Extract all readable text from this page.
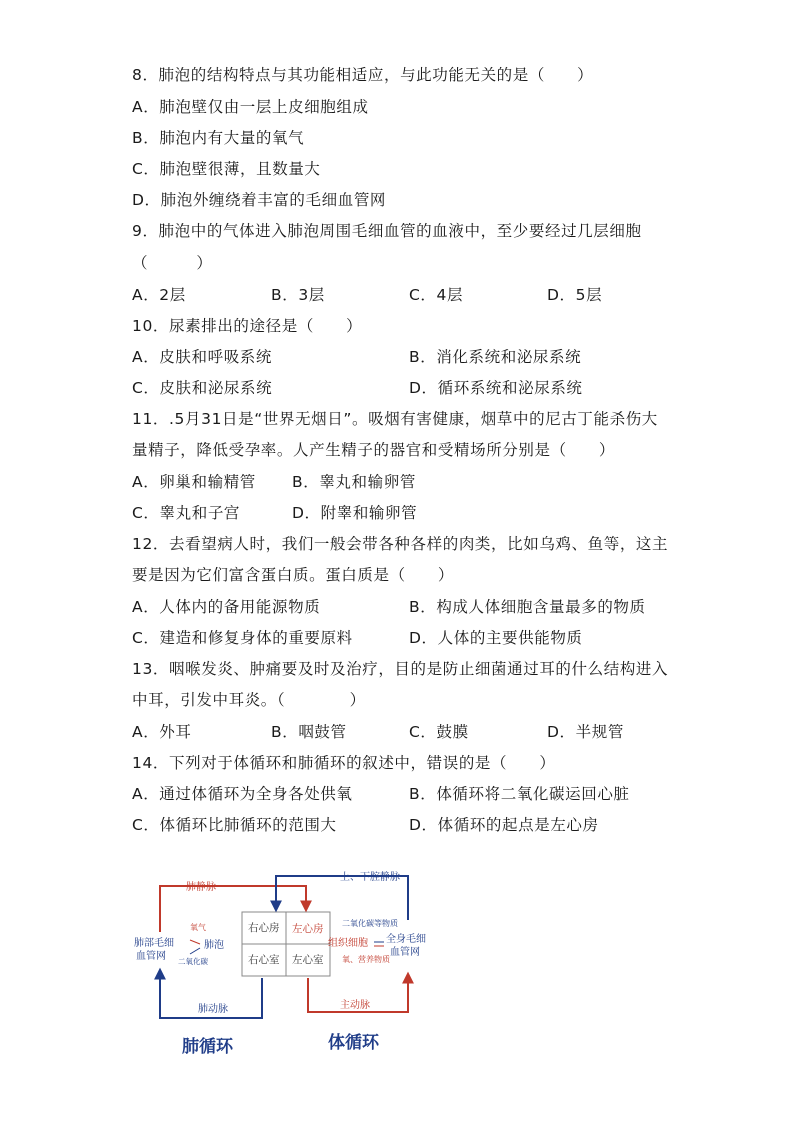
8．肺泡的结构特点与其功能相适应，与此功能无关的是（　　）
A．肺泡壁仅由一层上皮细胞组成
B．肺泡内有大量的氧气
C．肺泡壁很薄，且数量大
D．肺泡外缠绕着丰富的毛细血管网
9．肺泡中的气体进入肺泡周围毛细血管的血液中，至少要经过几层细胞
（　　　）
A．2层	B．3层	C．4层	D．5层
10．尿素排出的途径是（　　）
A．皮肤和呼吸系统	B．消化系统和泌尿系统
C．皮肤和泌尿系统	D．循环系统和泌尿系统
11．.5月31日是“世界无烟日”。吸烟有害健康，烟草中的尼古丁能杀伤大
量精子，降低受孕率。人产生精子的器官和受精场所分别是（　　）
A．卵巢和输精管 B．睾丸和输卵管
C．睾丸和子宫	D．附睾和输卵管
12．去看望病人时，我们一般会带各种各样的肉类，比如乌鸡、鱼等，这主
要是因为它们富含蛋白质。蛋白质是（　　）
A．人体内的备用能源物质	B．构成人体细胞含量最多的物质
C．建造和修复身体的重要原料	D．人体的主要供能物质
13．咽喉发炎、肿痛要及时及治疗，目的是防止细菌通过耳的什么结构进入
中耳，引发中耳炎。（　　　　）
A．外耳	B．咽鼓管	C．鼓膜	D．半规管
14．下列对于体循环和肺循环的叙述中，错误的是（　　）
A．通过体循环为全身各处供氧	B．体循环将二氧化碳运回心脏
C．体循环比肺循环的范围大	D．体循环的起点是左心房
右心房 左心房
右心室 左心室
肺静脉
上、下腔静脉
肺动脉	主动脉
肺部毛细
血管网
氧气
肺泡
二氧化碳
二氧化碳等物质
组织细胞 全身毛细
血管网
氧、营养物质
肺循环	体循环
